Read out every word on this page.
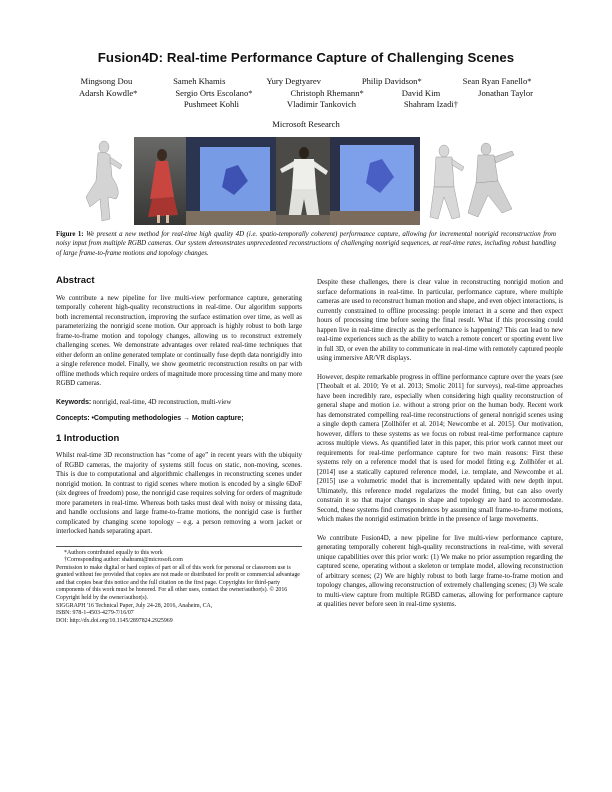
Fusion4D: Real-time Performance Capture of Challenging Scenes
Mingsong Dou	Sameh Khamis	Yury Degtyarev	Philip Davidson*	Sean Ryan Fanello*
Adarsh Kowdle*	Sergio Orts Escolano*	Christoph Rhemann*	David Kim	Jonathan Taylor
Pushmeet Kohli	Vladimir Tankovich	Shahram Izadi†
Microsoft Research
Figure 1: We present a new method for real-time high quality 4D (i.e. spatio-temporally coherent) performance capture, allowing for incremental nonrigid reconstruction from noisy input from multiple RGBD cameras. Our system demonstrates unprecedented reconstructions of challenging nonrigid sequences, at real-time rates, including robust handling of large frame-to-frame motions and topology changes.
Abstract

We contribute a new pipeline for live multi-view performance capture, generating temporally coherent high-quality reconstructions in real-time. Our algorithm supports both incremental reconstruction, improving the surface estimation over time, as well as parameterizing the nonrigid scene motion. Our approach is highly robust to both large frame-to-frame motion and topology changes, allowing us to reconstruct extremely challenging scenes. We demonstrate advantages over related real-time techniques that either deform an online generated template or continually fuse depth data nonrigidly into a single reference model. Finally, we show geometric reconstruction results on par with offline methods which require orders of magnitude more processing time and many more RGBD cameras.

Keywords: nonrigid, real-time, 4D reconstruction, multi-view
Concepts: •Computing methodologies → Motion capture;
1 Introduction

Whilst real-time 3D reconstruction has “come of age” in recent years with the ubiquity of RGBD cameras, the majority of systems still focus on static, non-moving, scenes. This is due to computational and algorithmic challenges in reconstructing scenes under nonrigid motion. In contrast to rigid scenes where motion is encoded by a single 6DoF (six degrees of freedom) pose, the nonrigid case requires solving for orders of magnitude more parameters in real-time. Whereas both tasks must deal with noisy or missing data, and handle occlusions and large frame-to-frame motions, the nonrigid case is further complicated by changing scene topology – e.g. a person removing a worn jacket or interlocked hands separating apart.

*Authors contributed equally to this work
†Corresponding author: shahrami@microsoft.com
Permission to make digital or hard copies of part or all of this work for personal or classroom use is granted without fee provided that copies are not made or distributed for profit or commercial advantage and that copies bear this notice and the full citation on the first page. Copyrights for third-party components of this work must be honored. For all other uses, contact the owner/author(s). © 2016 Copyright held by the owner/author(s).
SIGGRAPH '16 Technical Paper, July 24-28, 2016, Anaheim, CA,
ISBN: 978-1-4503-4279-7/16/07
DOI: http://dx.doi.org/10.1145/2897824.2925969

Despite these challenges, there is clear value in reconstructing nonrigid motion and surface deformations in real-time. In particular, performance capture, where multiple cameras are used to reconstruct human motion and shape, and even object interactions, is currently constrained to offline processing: people interact in a scene and then expect hours of processing time before seeing the final result. What if this processing could happen live in real-time directly as the performance is happening? This can lead to new real-time experiences such as the ability to watch a remote concert or sporting event live in full 3D, or even the ability to communicate in real-time with remotely captured people using immersive AR/VR displays.

However, despite remarkable progress in offline performance capture over the years (see [Theobalt et al. 2010; Ye et al. 2013; Smolic 2011] for surveys), real-time approaches have been incredibly rare, especially when considering high quality reconstruction of general shape and motion i.e. without a strong prior on the human body. Recent work has demonstrated compelling real-time reconstructions of general nonrigid scenes using a single depth camera [Zollhöfer et al. 2014; Newcombe et al. 2015]. Our motivation, however, differs to these systems as we focus on robust real-time performance capture across multiple views. As quantified later in this paper, this prior work cannot meet our requirements for real-time performance capture for two main reasons: First these systems rely on a reference model that is used for model fitting e.g. Zollhöfer et al. [2014] use a statically captured reference model, i.e. template, and Newcombe et al. [2015] use a volumetric model that is incrementally updated with new depth input. Ultimately, this reference model regularizes the model fitting, but can also overly constrain it so that major changes in shape and topology are hard to accommodate. Second, these systems find correspondences by assuming small frame-to-frame motions, which makes the nonrigid estimation brittle in the presence of large movements.

We contribute Fusion4D, a new pipeline for live multi-view performance capture, generating temporally coherent high-quality reconstructions in real-time, with several unique capabilities over this prior work: (1) We make no prior assumption regarding the captured scene, operating without a skeleton or template model, allowing reconstruction of arbitrary scenes; (2) We are highly robust to both large frame-to-frame motion and topology changes, allowing reconstruction of extremely challenging scenes; (3) We scale to multi-view capture from multiple RGBD cameras, allowing for performance capture at qualities never before seen in real-time systems.
